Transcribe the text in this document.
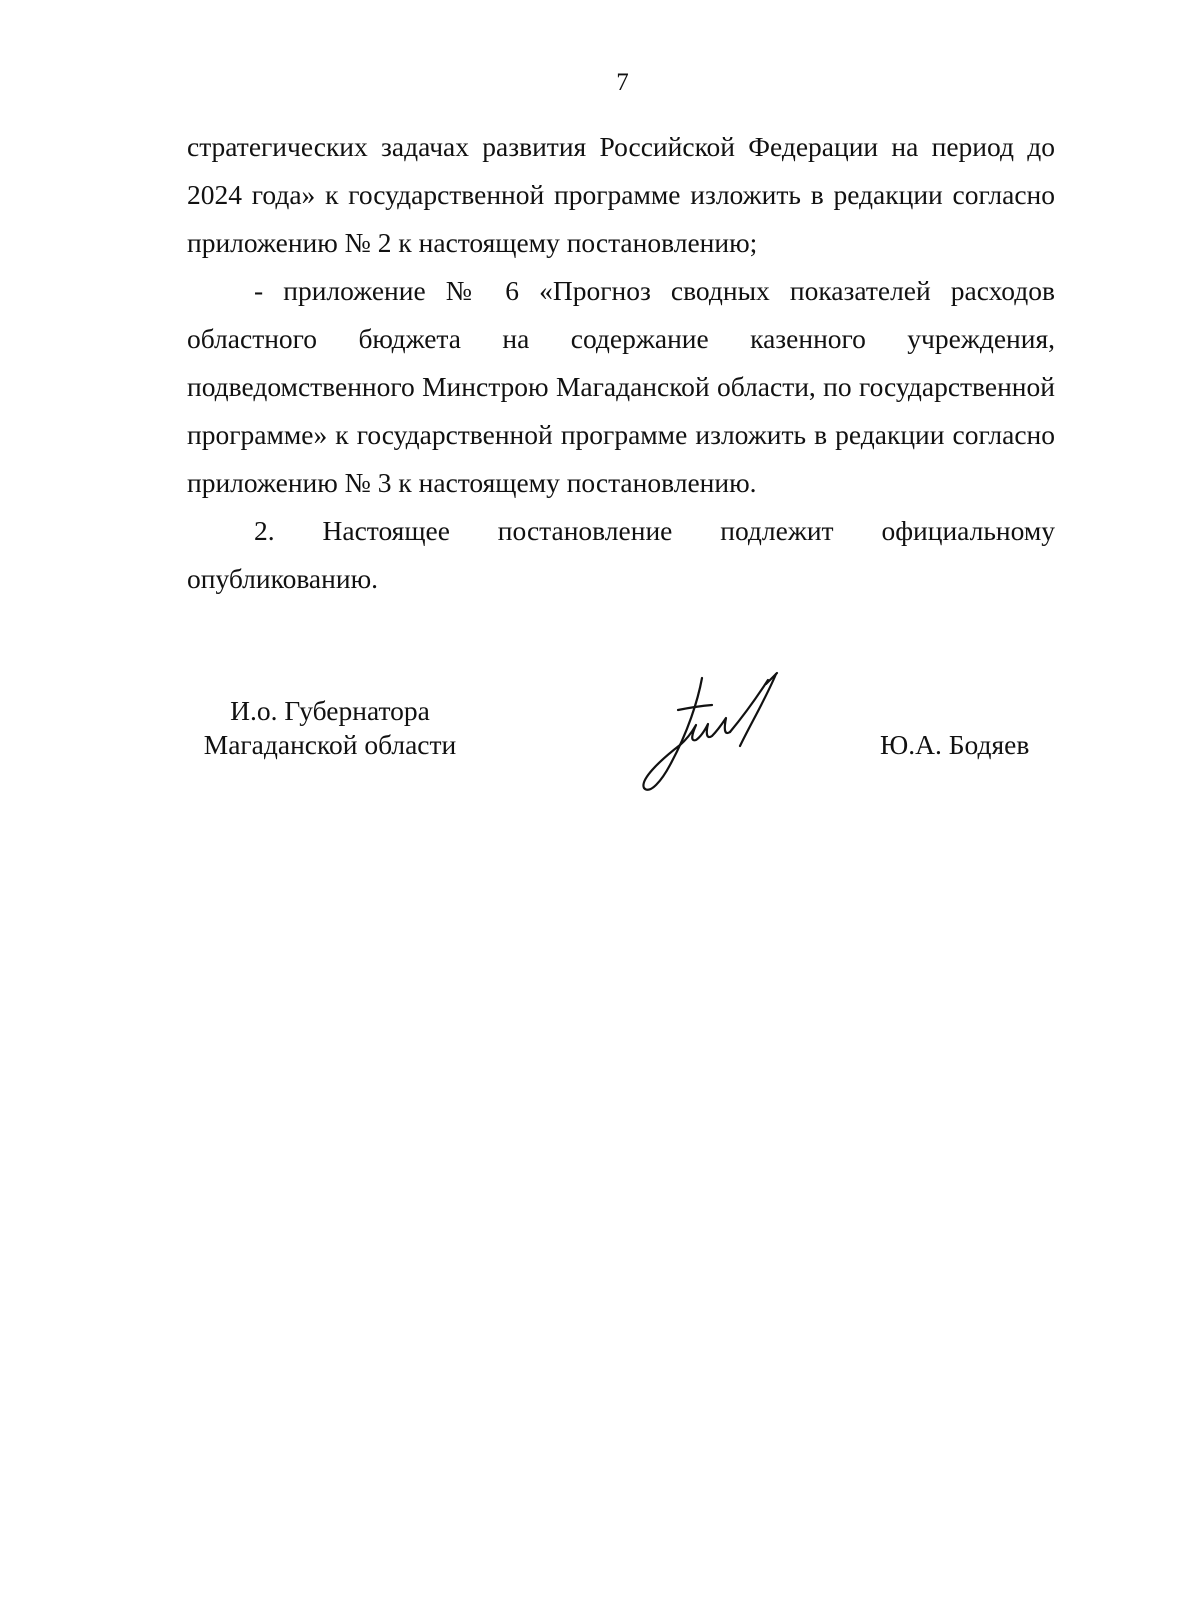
7

стратегических задачах развития Российской Федерации на период до 2024 года» к государственной программе изложить в редакции согласно приложению № 2 к настоящему постановлению;

- приложение № 6 «Прогноз сводных показателей расходов областного бюджета на содержание казенного учреждения, подведомственного Минстрою Магаданской области, по государственной программе» к государственной программе изложить в редакции согласно приложению № 3 к настоящему постановлению.

2. Настоящее постановление подлежит официальному опубликованию.

И.о. Губернатора
Магаданской области	Ю.А. Бодяев
